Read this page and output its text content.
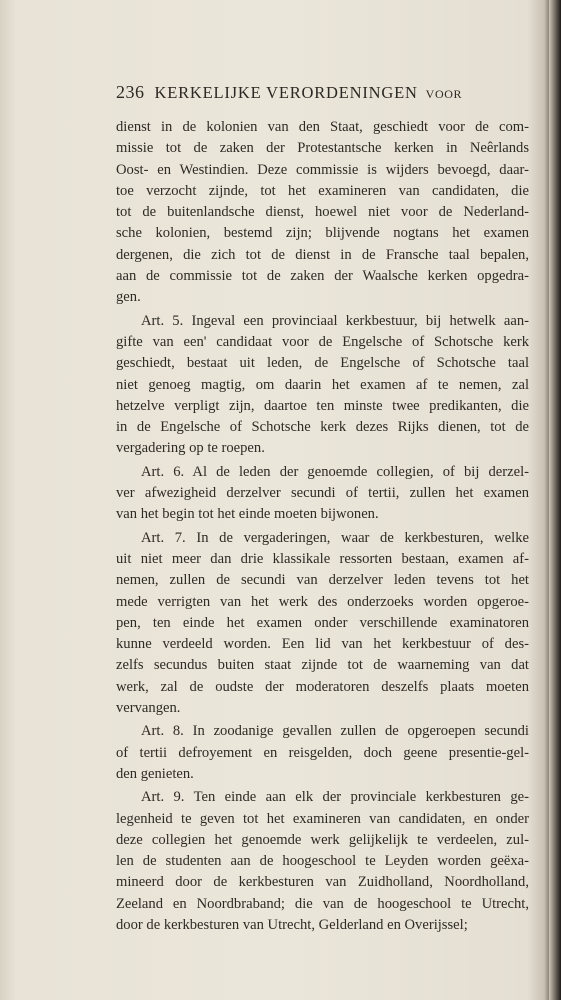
236 KERKELIJKE VERORDENINGEN VOOR
dienst in de kolonien van den Staat, geschiedt voor de com-
missie tot de zaken der Protestantsche kerken in Neêrlands
Oost- en Westindien. Deze commissie is wijders bevoegd, daar-
toe verzocht zijnde, tot het examineren van candidaten, die
tot de buitenlandsche dienst, hoewel niet voor de Nederland-
sche kolonien, bestemd zijn; blijvende nogtans het examen
dergenen, die zich tot de dienst in de Fransche taal bepalen,
aan de commissie tot de zaken der Waalsche kerken opgedra-
gen.
Art. 5. Ingeval een provinciaal kerkbestuur, bij hetwelk aan-
gifte van een' candidaat voor de Engelsche of Schotsche kerk
geschiedt, bestaat uit leden, de Engelsche of Schotsche taal
niet genoeg magtig, om daarin het examen af te nemen, zal
hetzelve verpligt zijn, daartoe ten minste twee predikanten, die
in de Engelsche of Schotsche kerk dezes Rijks dienen, tot de
vergadering op te roepen.
Art. 6. Al de leden der genoemde collegien, of bij derzel-
ver afwezigheid derzelver secundi of tertii, zullen het examen
van het begin tot het einde moeten bijwonen.
Art. 7. In de vergaderingen, waar de kerkbesturen, welke
uit niet meer dan drie klassikale ressorten bestaan, examen af-
nemen, zullen de secundi van derzelver leden tevens tot het
mede verrigten van het werk des onderzoeks worden opgeroe-
pen, ten einde het examen onder verschillende examinatoren
kunne verdeeld worden. Een lid van het kerkbestuur of des-
zelfs secundus buiten staat zijnde tot de waarneming van dat
werk, zal de oudste der moderatoren deszelfs plaats moeten
vervangen.
Art. 8. In zoodanige gevallen zullen de opgeroepen secundi
of tertii defroyement en reisgelden, doch geene presentie-gel-
den genieten.
Art. 9. Ten einde aan elk der provinciale kerkbesturen ge-
legenheid te geven tot het examineren van candidaten, en onder
deze collegien het genoemde werk gelijkelijk te verdeelen, zul-
len de studenten aan de hoogeschool te Leyden worden geëxa-
mineerd door de kerkbesturen van Zuidholland, Noordholland,
Zeeland en Noordbraband; die van de hoogeschool te Utrecht,
door de kerkbesturen van Utrecht, Gelderland en Overijssel;
